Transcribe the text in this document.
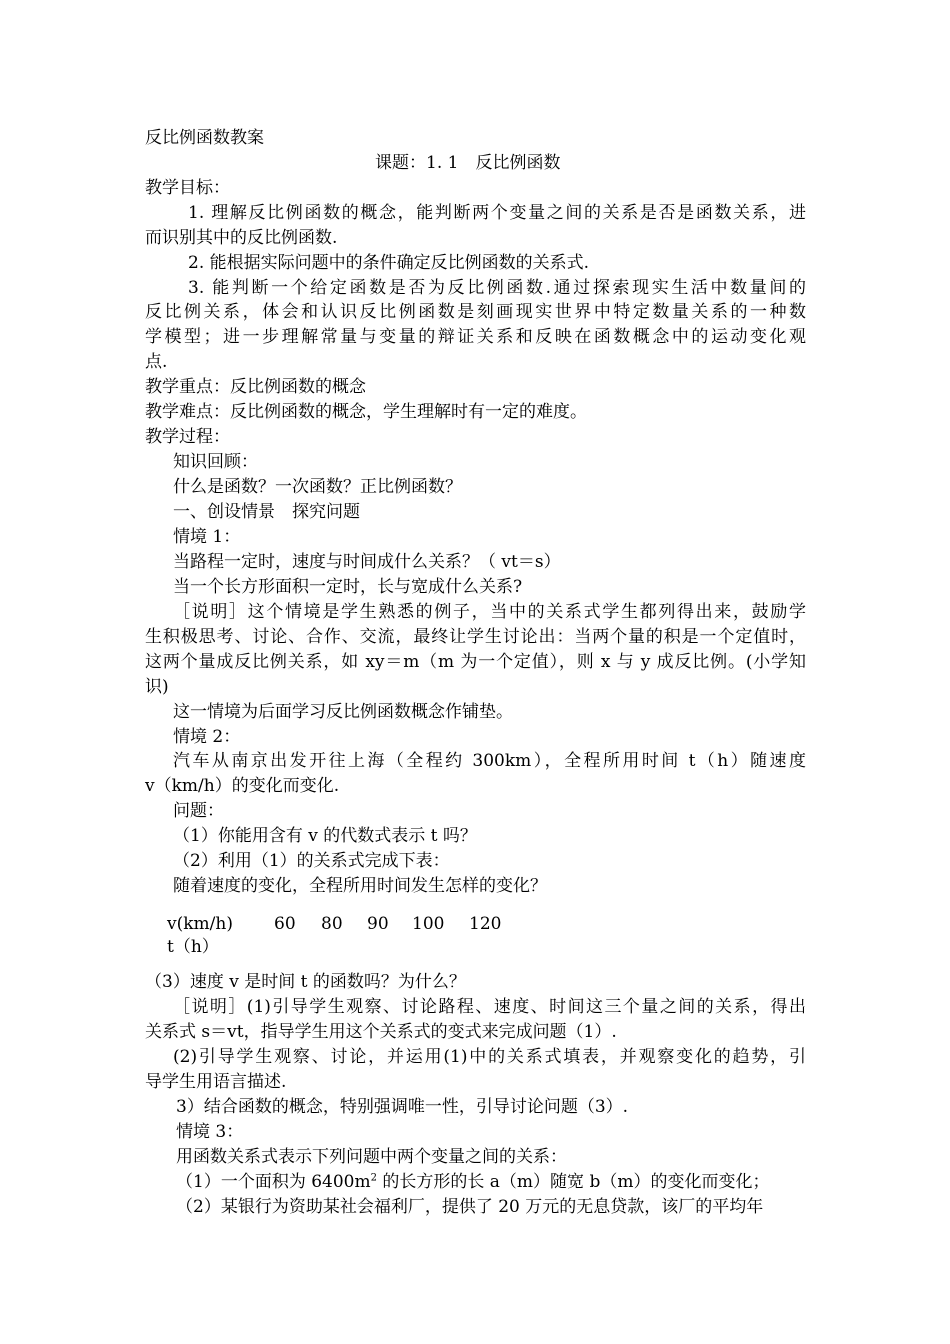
反比例函数教案
课题：1. 1　反比例函数
教学目标：
1. 理解反比例函数的概念，能判断两个变量之间的关系是否是函数关系，进
而识别其中的反比例函数.
2. 能根据实际问题中的条件确定反比例函数的关系式.
3. 能判断一个给定函数是否为反比例函数.通过探索现实生活中数量间的
反比例关系，体会和认识反比例函数是刻画现实世界中特定数量关系的一种数
学模型；进一步理解常量与变量的辩证关系和反映在函数概念中的运动变化观
点.
教学重点：反比例函数的概念
教学难点：反比例函数的概念，学生理解时有一定的难度。
教学过程：
知识回顾：
什么是函数？一次函数？正比例函数？
一、创设情景　探究问题
情境 1：
当路程一定时，速度与时间成什么关系？（ vt＝s）
当一个长方形面积一定时，长与宽成什么关系?
［说明］这个情境是学生熟悉的例子，当中的关系式学生都列得出来，鼓励学
生积极思考、讨论、合作、交流，最终让学生讨论出：当两个量的积是一个定值时，
这两个量成反比例关系，如 xy＝m（m 为一个定值），则 x 与 y 成反比例。(小学知
识)
这一情境为后面学习反比例函数概念作铺垫。
情境 2：
汽车从南京出发开往上海（全程约 300km），全程所用时间 t（h）随速度
v（km/h）的变化而变化.
问题：
（1）你能用含有 v 的代数式表示 t 吗？
（2）利用（1）的关系式完成下表：
随着速度的变化，全程所用时间发生怎样的变化？
v(km/h) 60 80 90 100 120
t（h）
（3）速度 v 是时间 t 的函数吗？为什么？
［说明］(1)引导学生观察、讨论路程、速度、时间这三个量之间的关系，得出
关系式 s＝vt，指导学生用这个关系式的变式来完成问题（1）.
(2)引导学生观察、讨论，并运用(1)中的关系式填表，并观察变化的趋势，引
导学生用语言描述.
3）结合函数的概念，特别强调唯一性，引导讨论问题（3）.
情境 3：
用函数关系式表示下列问题中两个变量之间的关系：
（1）一个面积为 $6400m^2$ 的长方形的长 a（m）随宽 b（m）的变化而变化；
（2）某银行为资助某社会福利厂，提供了 20 万元的无息贷款，该厂的平均年
